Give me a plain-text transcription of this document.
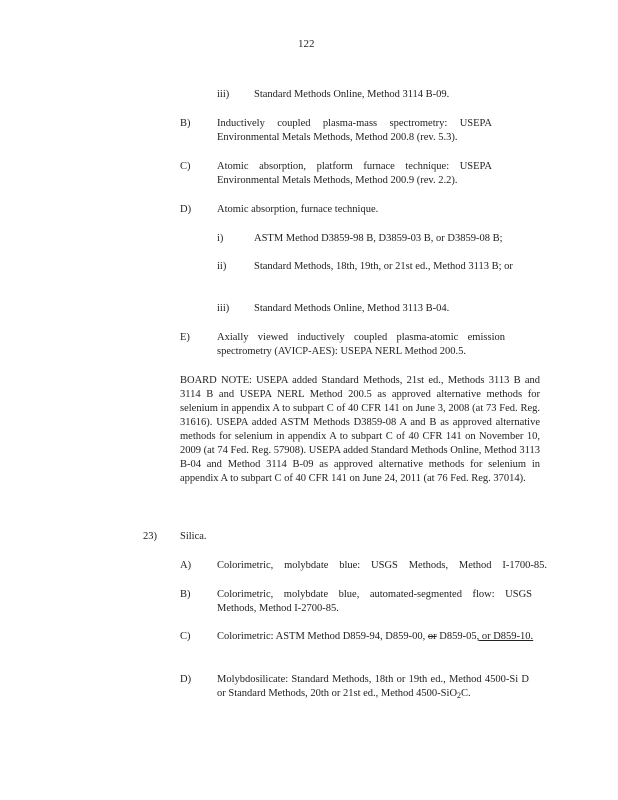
122
iii) Standard Methods Online, Method 3114 B-09.
B)	Inductively coupled plasma-mass spectrometry: USEPA Environmental Metals Methods, Method 200.8 (rev. 5.3).
C)	Atomic absorption, platform furnace technique: USEPA Environmental Metals Methods, Method 200.9 (rev. 2.2).
D) Atomic absorption, furnace technique.
i)	ASTM Method D3859-98 B, D3859-03 B, or D3859-08 B;
ii)	Standard Methods, 18th, 19th, or 21st ed., Method 3113 B; or
iii) Standard Methods Online, Method 3113 B-04.
E)	Axially viewed inductively coupled plasma-atomic emission spectrometry (AVICP-AES): USEPA NERL Method 200.5.
BOARD NOTE: USEPA added Standard Methods, 21st ed., Methods 3113 B and 3114 B and USEPA NERL Method 200.5 as approved alternative methods for selenium in appendix A to subpart C of 40 CFR 141 on June 3, 2008 (at 73 Fed. Reg. 31616). USEPA added ASTM Methods D3859-08 A and B as approved alternative methods for selenium in appendix A to subpart C of 40 CFR 141 on November 10, 2009 (at 74 Fed. Reg. 57908). USEPA added Standard Methods Online, Method 3113 B-04 and Method 3114 B-09 as approved alternative methods for selenium in appendix A to subpart C of 40 CFR 141 on June 24, 2011 (at 76 Fed. Reg. 37014).
23) Silica.
A) Colorimetric, molybdate blue: USGS Methods, Method I-1700-85.
B)	Colorimetric, molybdate blue, automated-segmented flow: USGS Methods, Method I-2700-85.
C)	Colorimetric: ASTM Method D859-94, D859-00, or D859-05, or D859-10.
D) Molybdosilicate: Standard Methods, 18th or 19th ed., Method 4500-Si D or Standard Methods, 20th or 21st ed., Method 4500-SiO2C.
